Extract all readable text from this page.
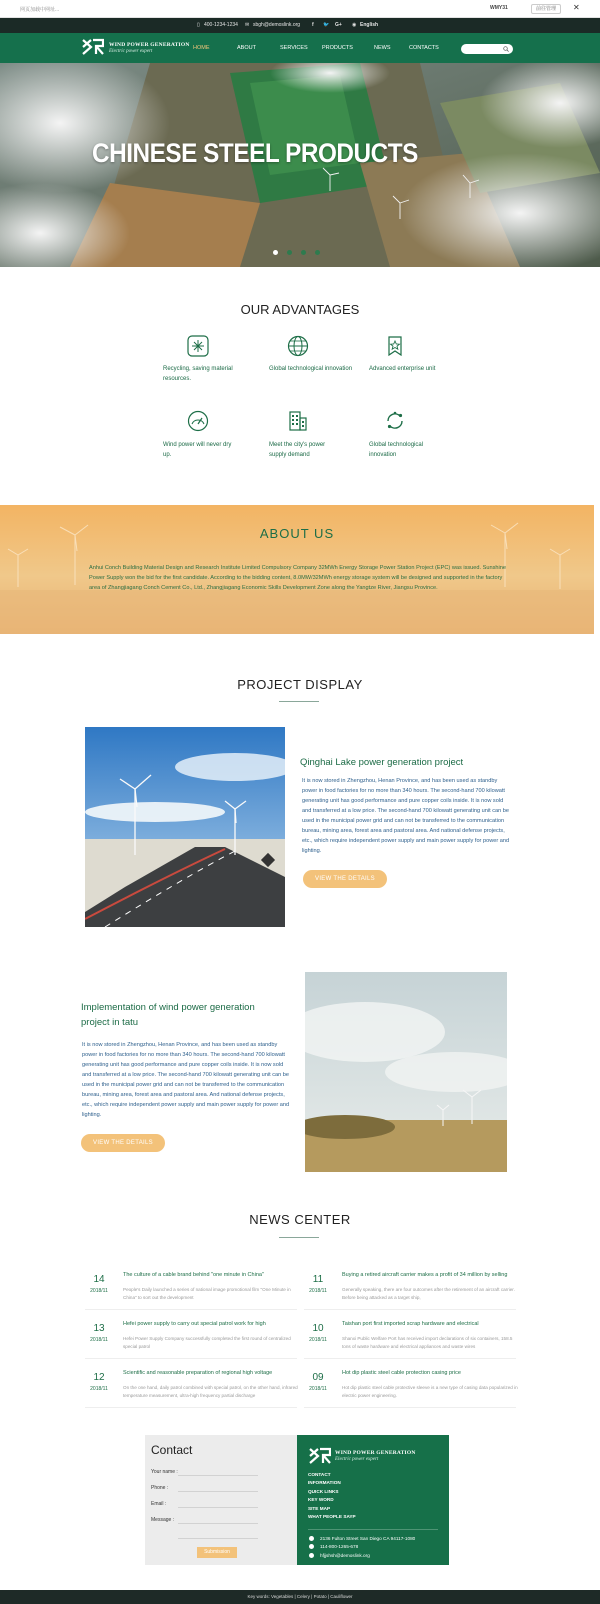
网页加载中网址...	WMY31	前往管理	✕
▯ 400-1234-1234 ✉ sbgh@demoslink.org f 🐦 G+ ◉ English
WIND POWER GENERATION
Electric power expert
HOME	ABOUT	SERVICES	PRODUCTS	NEWS	CONTACTS
CHINESE STEEL PRODUCTS
OUR ADVANTAGES
Recycling, saving material resources.
Global technological innovation	Advanced enterprise unit
Wind power will never dry up.
Meet the city's power supply demand
Global technological innovation
ABOUT US
Anhui Conch Building Material Design and Research Institute Limited Compulsory Company 32MWh Energy Storage Power Station Project (EPC) was issued. Sunshine Power Supply won the bid for the first candidate. According to the bidding content, 8.0MW/32MWh energy storage system will be designed and supported in the factory area of Zhangjiagang Conch Cement Co., Ltd., Zhangjiagang Economic Skills Development Zone along the Yangtze River, Jiangsu Province.
PROJECT DISPLAY
Qinghai Lake power generation project
It is now stored in Zhengzhou, Henan Province, and has been used as standby power in food factories for no more than 340 hours. The second-hand 700 kilowatt generating unit has good performance and pure copper coils inside. It is now sold and transferred at a low price. The second-hand 700 kilowatt generating unit can be used in the municipal power grid and can not be transferred to the communication bureau, mining area, forest area and pastoral area. And national defense projects, etc., which require independent power supply and main power supply for power and lighting.
VIEW THE DETAILS
Implementation of wind power generation project in tatu
It is now stored in Zhengzhou, Henan Province, and has been used as standby power in food factories for no more than 340 hours. The second-hand 700 kilowatt generating unit has good performance and pure copper coils inside. It is now sold and transferred at a low price. The second-hand 700 kilowatt generating unit can be used in the municipal power grid and can not be transferred to the communication bureau, mining area, forest area and pastoral area. And national defense projects, etc., which require independent power supply and main power supply for power and lighting.
VIEW THE DETAILS
NEWS CENTER
14
2018/11
The culture of a cable brand behind "one minute in China"
People's Daily launched a series of national image promotional film "One Minute in China" to sort out the development
11
2018/11
Buying a retired aircraft carrier makes a profit of 34 million by selling
Generally speaking, there are four outcomes after the retirement of an aircraft carrier. Before being attacked as a target ship,
13
2018/11
Hefei power supply to carry out special patrol work for high
Hefei Power Supply Company successfully completed the first round of centralized special patrol
10
2018/11
Taishan port first imported scrap hardware and electrical
Shanxi Public Welfare Port has received import declarations of six containers, 158.5 tons of waste hardware and electrical appliances and waste wires
12
2018/11
Scientific and reasonable preparation of regional high voltage
On the one hand, daily patrol combined with special patrol, on the other hand, infrared temperature measurement, ultra-high frequency partial discharge
09
2018/11
Hot dip plastic steel cable protection casing price
Hot dip plastic steel cable protective sleeve is a new type of casing data popularized in electric power engineering.
Contact
Your name :
Phone :
Email :
Message :
Submission
WIND POWER GENERATION
Electric power expert
CONTACT
INFORMATION
QUICK LINKS
KEY WORD
SITE MAP
WHAT PEOPLE SAYP
2136 Fulton Street San Diego CA 94117-1080
114-800-1265-678
hfjjshsh@demoslink.org
Key words: Vegetables | Celery | Potato | Cauliflower
